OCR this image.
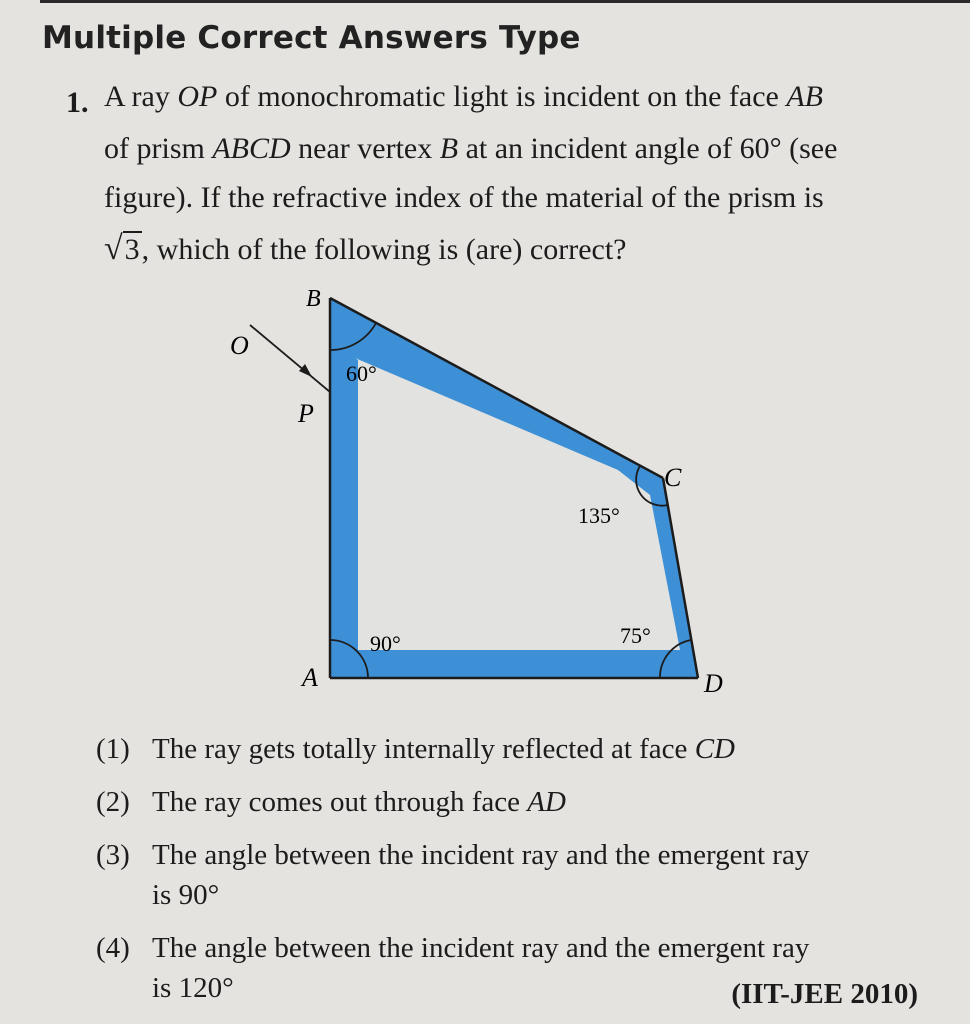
Multiple Correct Answers Type
1. A ray OP of monochromatic light is incident on the face AB
of prism ABCD near vertex B at an incident angle of 60° (see
figure). If the refractive index of the material of the prism is
√3, which of the following is (are) correct?
B
O
P
C
A	D
60°
135°
90°	75°
(1) The ray gets totally internally reflected at face CD
(2) The ray comes out through face AD
(3) The angle between the incident ray and the emergent ray
is 90°
(4) The angle between the incident ray and the emergent ray
is 120°	(IIT-JEE 2010)
